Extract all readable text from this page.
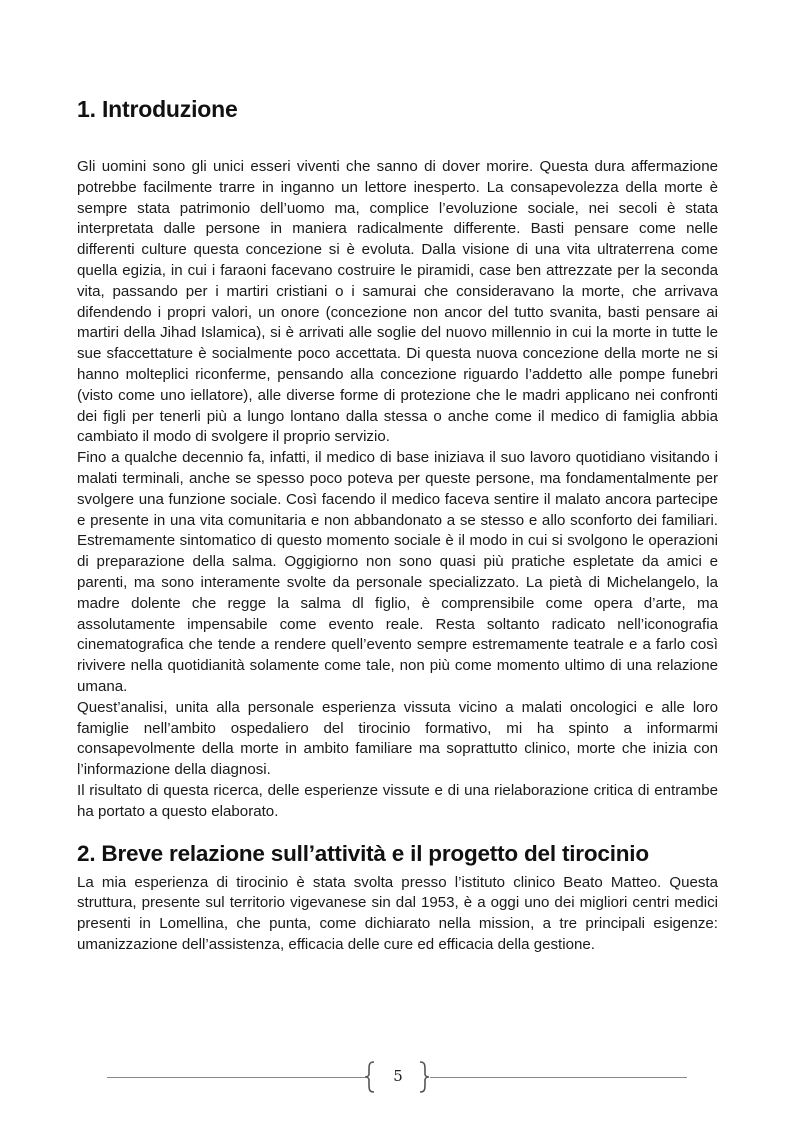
1. Introduzione

Gli uomini sono gli unici esseri viventi che sanno di dover morire. Questa dura affermazione potrebbe facilmente trarre in inganno un lettore inesperto. La consapevolezza della morte è sempre stata patrimonio dell’uomo ma, complice l’evoluzione sociale, nei secoli è stata interpretata dalle persone in maniera radicalmente differente. Basti pensare come nelle differenti culture questa concezione si è evoluta. Dalla visione di una vita ultraterrena come quella egizia, in cui i faraoni facevano costruire le piramidi, case ben attrezzate per la seconda vita, passando per i martiri cristiani o i samurai che consideravano la morte, che arrivava difendendo i propri valori, un onore (concezione non ancor del tutto svanita, basti pensare ai martiri della Jihad Islamica), si è arrivati alle soglie del nuovo millennio in cui la morte in tutte le sue sfaccettature è socialmente poco accettata. Di questa nuova concezione della morte ne si hanno molteplici riconferme, pensando alla concezione riguardo l’addetto alle pompe funebri (visto come uno iellatore), alle diverse forme di protezione che le madri applicano nei confronti dei figli per tenerli più a lungo lontano dalla stessa o anche come il medico di famiglia abbia cambiato il modo di svolgere il proprio servizio.

Fino a qualche decennio fa, infatti, il medico di base iniziava il suo lavoro quotidiano visitando i malati terminali, anche se spesso poco poteva per queste persone, ma fondamentalmente per svolgere una funzione sociale. Così facendo il medico faceva sentire il malato ancora partecipe e presente in una vita comunitaria e non abbandonato a se stesso e allo sconforto dei familiari. Estremamente sintomatico di questo momento sociale è il modo in cui si svolgono le operazioni di preparazione della salma. Oggigiorno non sono quasi più pratiche espletate da amici e parenti, ma sono interamente svolte da personale specializzato. La pietà di Michelangelo, la madre dolente che regge la salma dl figlio, è comprensibile come opera d’arte, ma assolutamente impensabile come evento reale. Resta soltanto radicato nell’iconografia cinematografica che tende a rendere quell’evento sempre estremamente teatrale e a farlo così rivivere nella quotidianità solamente come tale, non più come momento ultimo di una relazione umana.

Quest’analisi, unita alla personale esperienza vissuta vicino a malati oncologici e alle loro famiglie nell’ambito ospedaliero del tirocinio formativo, mi ha spinto a informarmi consapevolmente della morte in ambito familiare ma soprattutto clinico, morte che inizia con l’informazione della diagnosi.

Il risultato di questa ricerca, delle esperienze vissute e di una rielaborazione critica di entrambe ha portato a questo elaborato.

2. Breve relazione sull’attività e il progetto del tirocinio

La mia esperienza di tirocinio è stata svolta presso l’istituto clinico Beato Matteo. Questa struttura, presente sul territorio vigevanese sin dal 1953, è a oggi uno dei migliori centri medici presenti in Lomellina, che punta, come dichiarato nella mission, a tre principali esigenze: umanizzazione dell’assistenza, efficacia delle cure ed efficacia della gestione.

5
